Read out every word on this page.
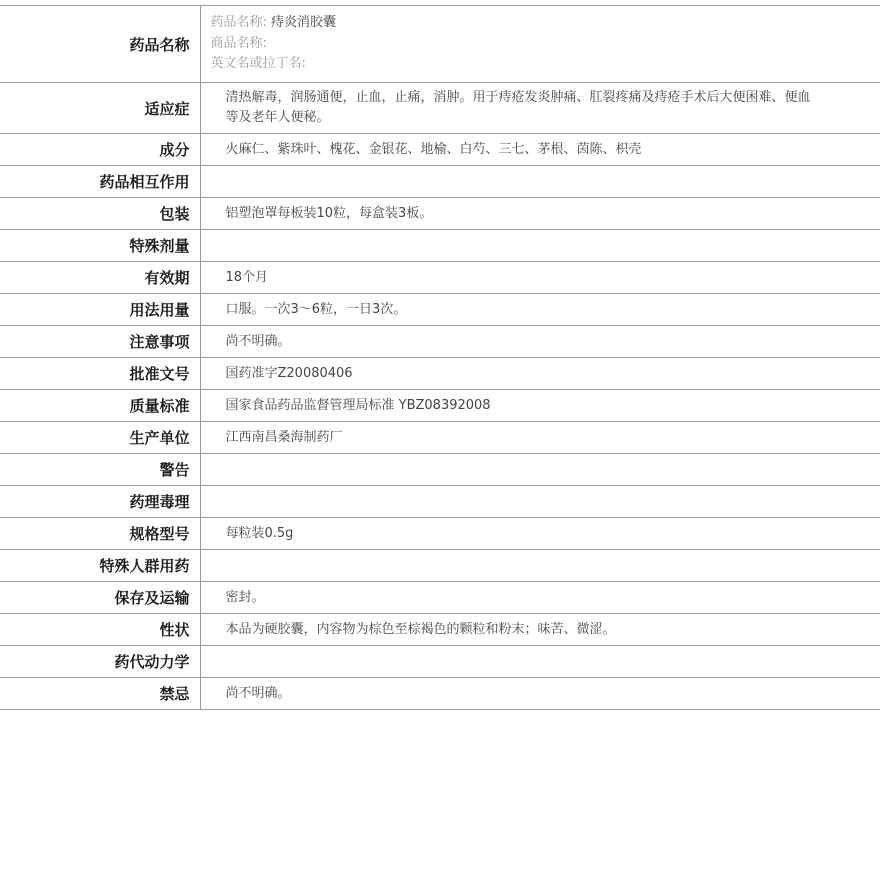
药品名称	药品名称: 痔炎消胶囊
商品名称:
英文名或拉丁名:

适应症	清热解毒，润肠通便，止血，止痛，消肿。用于痔疮发炎肿痛、肛裂疼痛及痔疮手术后大便困难、便血等及老年人便秘。
成分	火麻仁、紫珠叶、槐花、金银花、地榆、白芍、三七、茅根、茵陈、枳壳
药品相互作用	
包装	铝塑泡罩每板装10粒，每盒装3板。
特殊剂量	
有效期	18个月
用法用量	口服。一次3～6粒，一日3次。
注意事项	尚不明确。
批准文号	国药准字Z20080406
质量标准	国家食品药品监督管理局标准 YBZ08392008
生产单位	江西南昌桑海制药厂
警告	
药理毒理	
规格型号	每粒装0.5g
特殊人群用药	
保存及运输	密封。
性状	本品为硬胶囊，内容物为棕色至棕褐色的颗粒和粉末；味苦、微涩。
药代动力学	
禁忌	尚不明确。
